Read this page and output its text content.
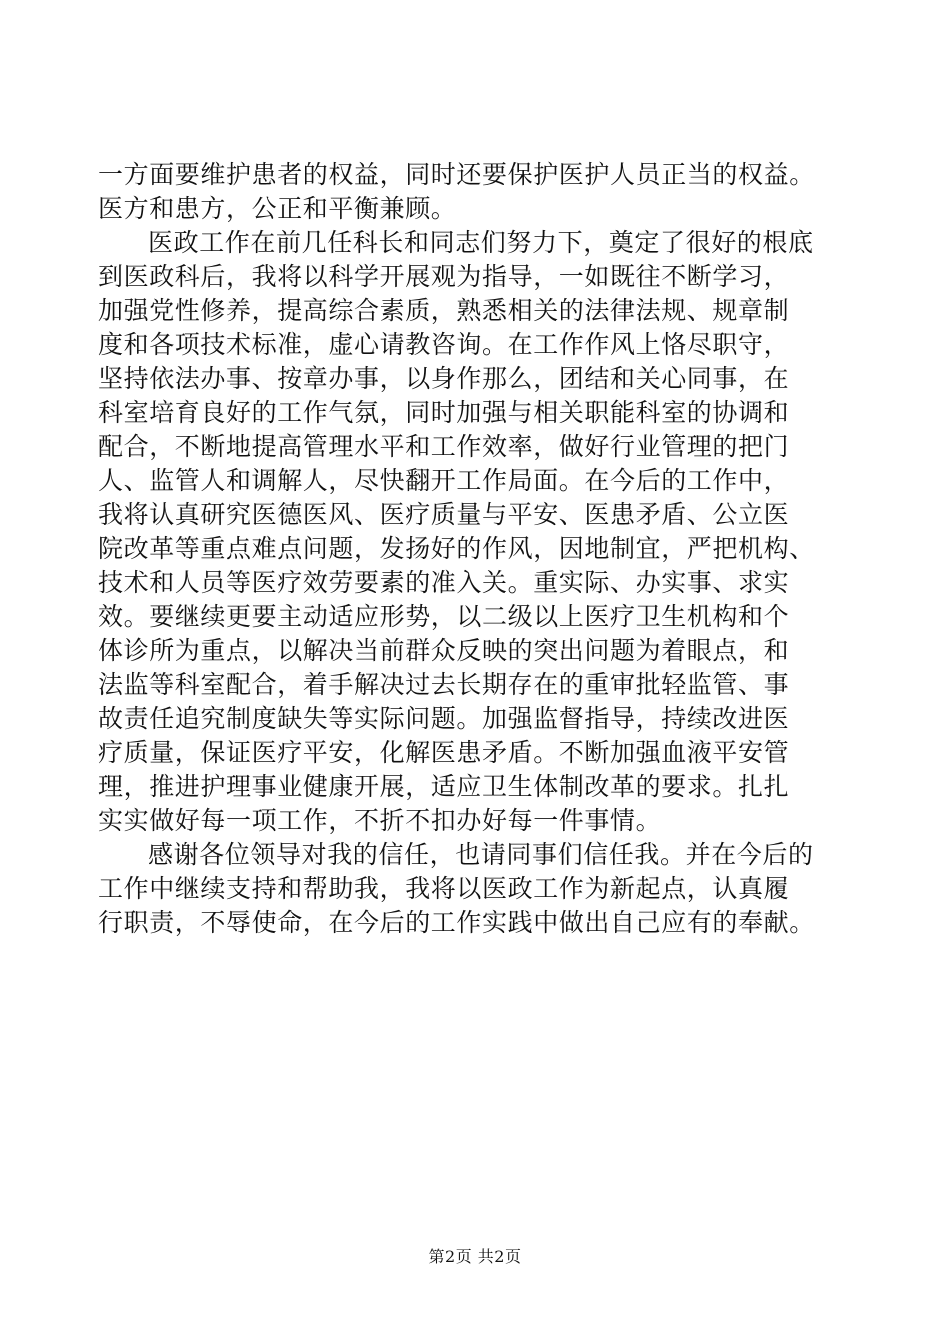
一方面要维护患者的权益，同时还要保护医护人员正当的权益。
医方和患方，公正和平衡兼顾。
医政工作在前几任科长和同志们努力下，奠定了很好的根底
到医政科后，我将以科学开展观为指导，一如既往不断学习，
加强党性修养，提高综合素质，熟悉相关的法律法规、规章制
度和各项技术标准，虚心请教咨询。在工作作风上恪尽职守，
坚持依法办事、按章办事，以身作那么，团结和关心同事，在
科室培育良好的工作气氛，同时加强与相关职能科室的协调和
配合，不断地提高管理水平和工作效率，做好行业管理的把门
人、监管人和调解人，尽快翻开工作局面。在今后的工作中，
我将认真研究医德医风、医疗质量与平安、医患矛盾、公立医
院改革等重点难点问题，发扬好的作风，因地制宜，严把机构、
技术和人员等医疗效劳要素的准入关。重实际、办实事、求实
效。要继续更要主动适应形势，以二级以上医疗卫生机构和个
体诊所为重点，以解决当前群众反映的突出问题为着眼点，和
法监等科室配合，着手解决过去长期存在的重审批轻监管、事
故责任追究制度缺失等实际问题。加强监督指导，持续改进医
疗质量，保证医疗平安，化解医患矛盾。不断加强血液平安管
理，推进护理事业健康开展，适应卫生体制改革的要求。扎扎
实实做好每一项工作，不折不扣办好每一件事情。
感谢各位领导对我的信任，也请同事们信任我。并在今后的
工作中继续支持和帮助我，我将以医政工作为新起点，认真履
行职责，不辱使命，在今后的工作实践中做出自己应有的奉献。
第2页 共2页
